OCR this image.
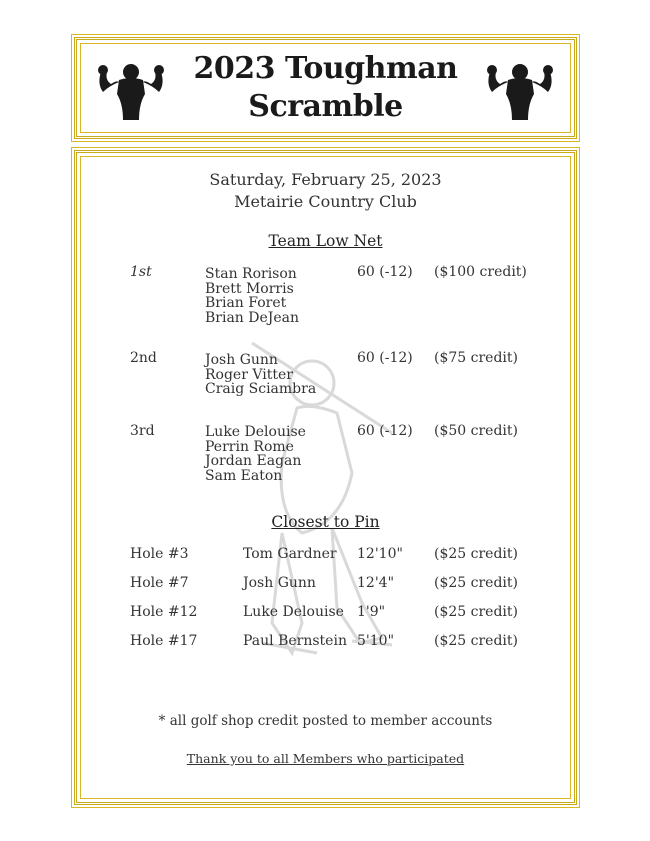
2023 Toughman
Scramble
Saturday, February 25, 2023
Metairie Country Club
Team Low Net
1st	Stan Rorison
Brett Morris
Brian Foret
Brian DeJean
60 (-12) ($100 credit)
2nd	Josh Gunn
Roger Vitter
Craig Sciambra
60 (-12) ($75 credit)
3rd	Luke Delouise
Perrin Rome
Jordan Eagan
Sam Eaton
60 (-12) ($50 credit)
Closest to Pin
Hole #3	Tom Gardner 12'10" ($25 credit)
Hole #7	Josh Gunn	12'4"	($25 credit)
Hole #12	Luke Delouise 1'9"	($25 credit)
Hole #17	Paul Bernstein 5'10"	($25 credit)
* all golf shop credit posted to member accounts
Thank you to all Members who participated
